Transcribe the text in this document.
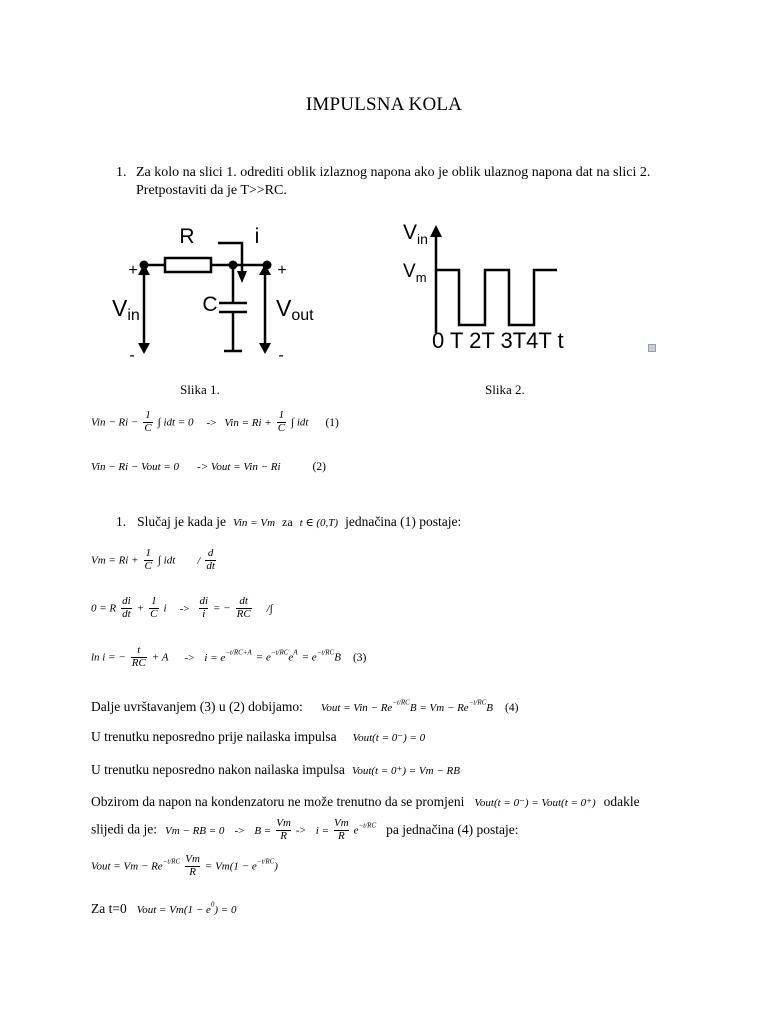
IMPULSNA KOLA
1. Za kolo na slici 1. odrediti oblik izlaznog napona ako je oblik ulaznog napona dat na slici 2.
Pretpostaviti da je T>>RC.
R	i
C
+	+
-	-
Vin	Vout
$V_{in}$
$V_m$
0 T 2T 3T4T t
Slika 1.	Slika 2.
Vin − $Ri - \frac{1}{C}$ ∫ idt = 0 -> Vin = $Ri + \frac{1}{C}$ ∫ idt (1)
Vin − Ri − Vout = 0 -> Vout = Vin − Ri	(2)
1. Slučaj je kada je Vin = Vm za t ∈ (0,T) jednačina (1) postaje:
$Vm = Ri + \frac{1}{C}$ ∫ idt / $\frac{d}{dt}$
0 = R $\frac{di}{dt} + \frac{1}{C}$ $i -> \frac{di}{i}$ = − $\frac{dt}{RC}$ /∫
ln i = − $\frac{t}{RC} + A -> i = e^{-t/RC+A} = e^{-t/RC}e^A = e^{-t/RC}B$ (3)
Dalje uvrštavanjem (3) u (2) dobijamo: Vout = Vin − $Re^{-t/RC}B = Vm - Re^{-t/RC}B$ (4)
U trenutku neposredno prije nailaska impulsa Vout(t = 0⁻) = 0
U trenutku neposredno nakon nailaska impulsa Vout(t = 0⁺) = Vm − RB
Obzirom da napon na kondenzatoru ne može trenutno da se promjeni Vout(t = 0⁻) = Vout(t = 0⁺) odakle
slijedi da je: Vm − RB = $0 -> B = \frac{Vm}{R} -> i = \frac{Vm}{R} e^{-t/RC}$ pa jednačina (4) postaje:
Vout = $Vm - Re^{-t/RC} \frac{Vm}{R} = Vm(1 - e^{-t/RC})$
Za t=0 Vout = $Vm(1 - e^0) = 0$
